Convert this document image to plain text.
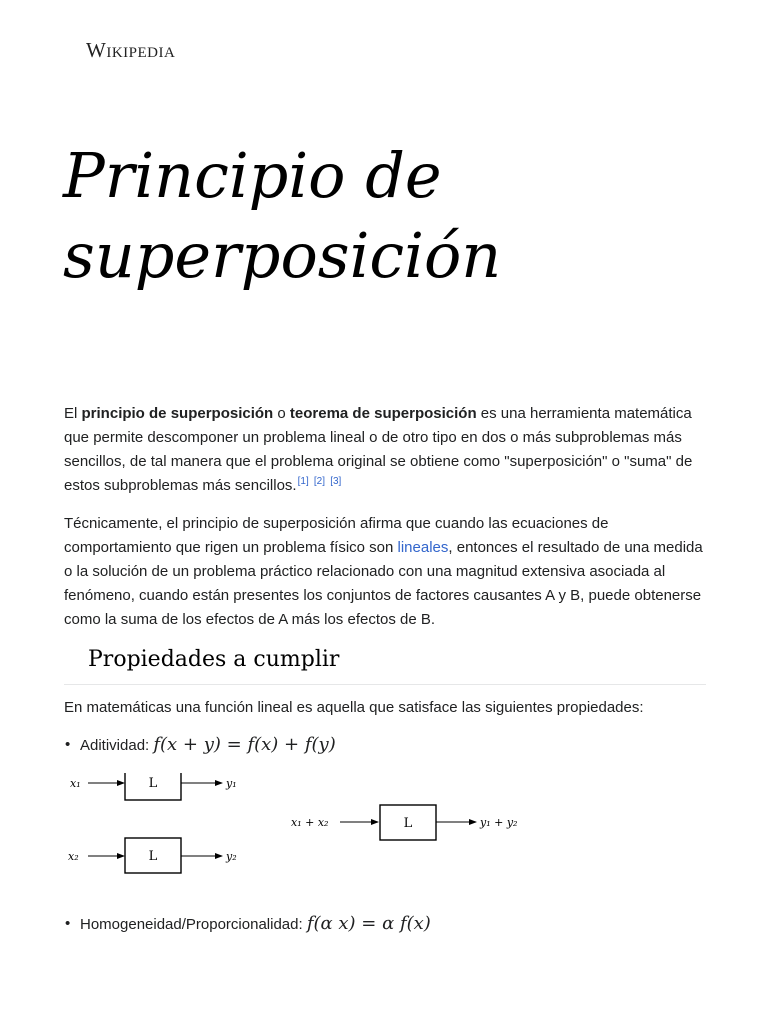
Wikipedia
Principio de superposición

El principio de superposición o teorema de superposición es una herramienta matemática que permite descomponer un problema lineal o de otro tipo en dos o más subproblemas más sencillos, de tal manera que el problema original se obtiene como "superposición" o "suma" de estos subproblemas más sencillos.[1] [2] [3]

Técnicamente, el principio de superposición afirma que cuando las ecuaciones de comportamiento que rigen un problema físico son lineales, entonces el resultado de una medida o la solución de un problema práctico relacionado con una magnitud extensiva asociada al fenómeno, cuando están presentes los conjuntos de factores causantes A y B, puede obtenerse como la suma de los efectos de A más los efectos de B.

Propiedades a cumplir

En matemáticas una función lineal es aquella que satisface las siguientes propiedades:

• Aditividad: f(x + y) = f(x) + f(y)
x₁	L	y₁
x₂	L	y₂
x₁ + x₂	L	y₁ + y₂
• Homogeneidad/Proporcionalidad: f(α x) = α f(x)
